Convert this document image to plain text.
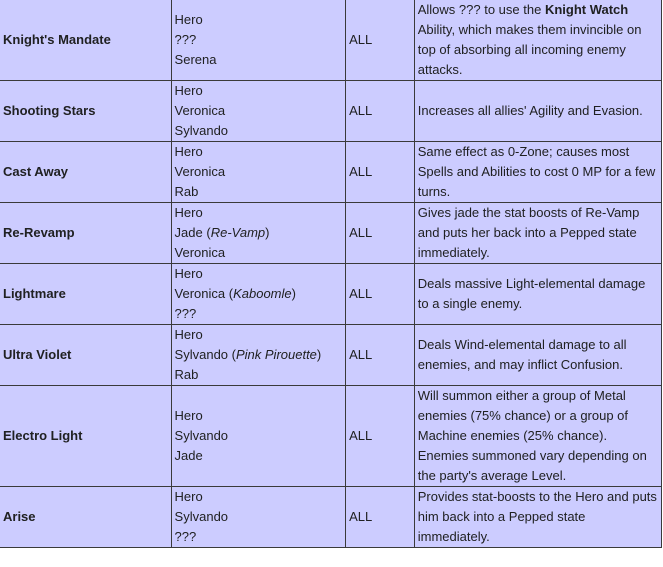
Knight's Mandate	Hero
???
Serena	ALL	Allows ??? to use the Knight Watch Ability, which makes them invincible on top of absorbing all incoming enemy attacks.
Shooting Stars	Hero
Veronica
Sylvando	ALL	Increases all allies' Agility and Evasion.
Cast Away	Hero
Veronica
Rab	ALL	Same effect as 0-Zone; causes most Spells and Abilities to cost 0 MP for a few turns.
Re-Revamp	Hero
Jade (Re-Vamp)
Veronica	ALL	Gives jade the stat boosts of Re-Vamp and puts her back into a Pepped state immediately.
Lightmare	Hero
Veronica (Kaboomle)
???	ALL	Deals massive Light-elemental damage to a single enemy.
Ultra Violet	Hero
Sylvando (Pink Pirouette)
Rab	ALL	Deals Wind-elemental damage to all enemies, and may inflict Confusion.
Electro Light	Hero
Sylvando
Jade	ALL	Will summon either a group of Metal enemies (75% chance) or a group of Machine enemies (25% chance). Enemies summoned vary depending on the party's average Level.
Arise	Hero
Sylvando
???	ALL	Provides stat-boosts to the Hero and puts him back into a Pepped state immediately.
